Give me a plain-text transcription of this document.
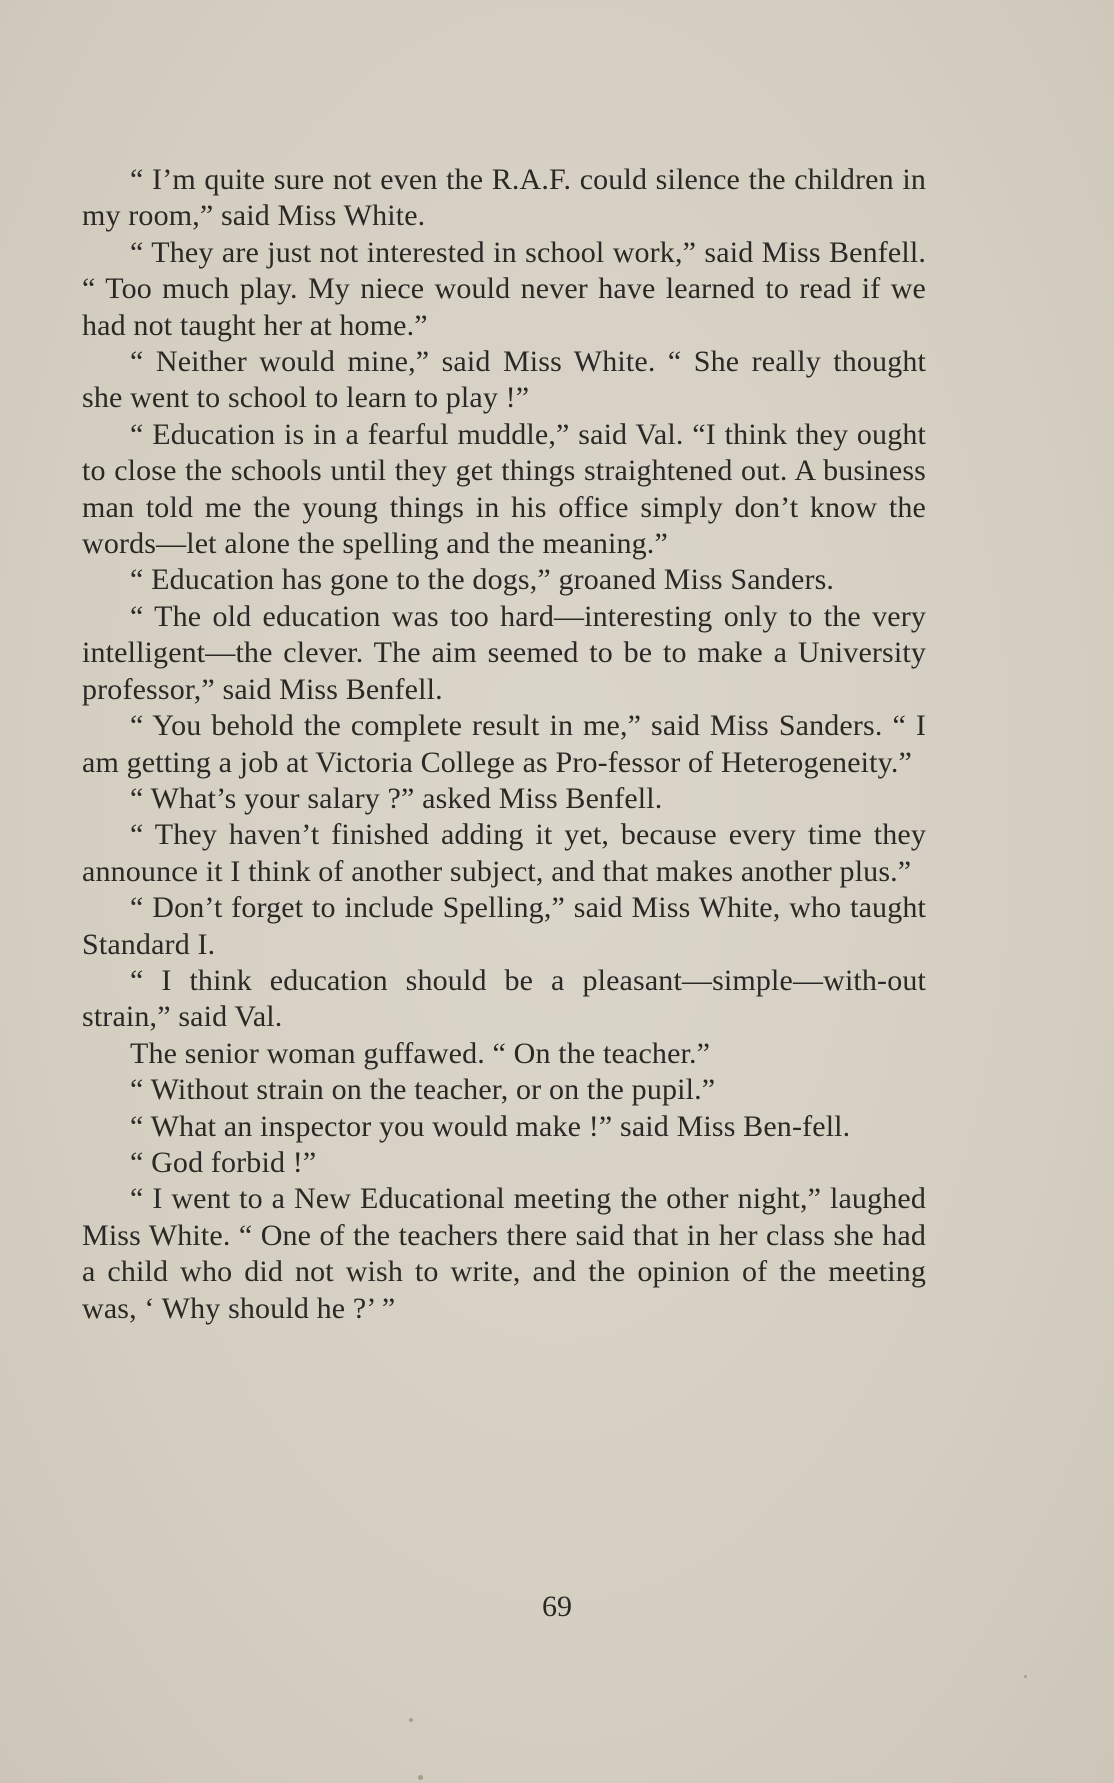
“ I’m quite sure not even the R.A.F. could silence the children in my room,” said Miss White.

“ They are just not interested in school work,” said Miss Benfell. “ Too much play. My niece would never have learned to read if we had not taught her at home.”

“ Neither would mine,” said Miss White. “ She really thought she went to school to learn to play !”

“ Education is in a fearful muddle,” said Val. “I think they ought to close the schools until they get things straightened out. A business man told me the young things in his office simply don’t know the words—let alone the spelling and the meaning.”

“ Education has gone to the dogs,” groaned Miss Sanders.

“ The old education was too hard—interesting only to the very intelligent—the clever. The aim seemed to be to make a University professor,” said Miss Benfell.

“ You behold the complete result in me,” said Miss Sanders. “ I am getting a job at Victoria College as Pro-fessor of Heterogeneity.”

“ What’s your salary ?” asked Miss Benfell.

“ They haven’t finished adding it yet, because every time they announce it I think of another subject, and that makes another plus.”

“ Don’t forget to include Spelling,” said Miss White, who taught Standard I.

“ I think education should be a pleasant—simple—with-out strain,” said Val.

The senior woman guffawed. “ On the teacher.”

“ Without strain on the teacher, or on the pupil.”

“ What an inspector you would make !” said Miss Ben-fell.

“ God forbid !”

“ I went to a New Educational meeting the other night,” laughed Miss White. “ One of the teachers there said that in her class she had a child who did not wish to write, and the opinion of the meeting was, ‘ Why should he ?’ ”

69
